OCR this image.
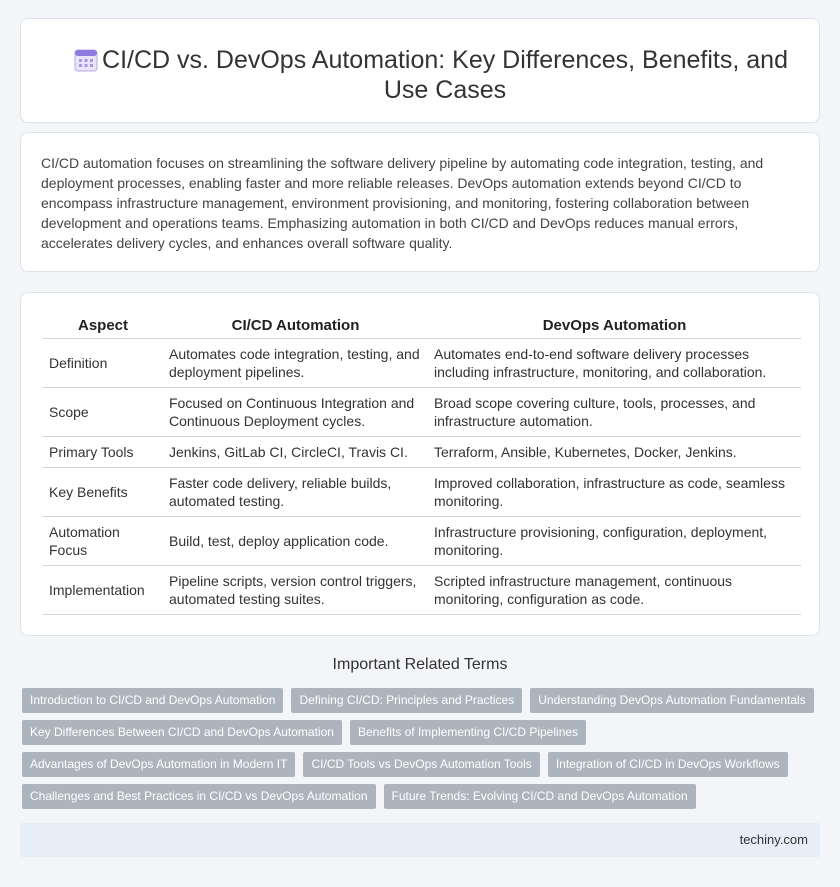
CI/CD vs. DevOps Automation: Key Differences, Benefits, and Use Cases

CI/CD automation focuses on streamlining the software delivery pipeline by automating code integration, testing, and deployment processes, enabling faster and more reliable releases. DevOps automation extends beyond CI/CD to encompass infrastructure management, environment provisioning, and monitoring, fostering collaboration between development and operations teams. Emphasizing automation in both CI/CD and DevOps reduces manual errors, accelerates delivery cycles, and enhances overall software quality.

Aspect	CI/CD Automation	DevOps Automation
Definition	Automates code integration, testing, and deployment pipelines.	Automates end-to-end software delivery processes including infrastructure, monitoring, and collaboration.
Scope	Focused on Continuous Integration and Continuous Deployment cycles.	Broad scope covering culture, tools, processes, and infrastructure automation.
Primary Tools	Jenkins, GitLab CI, CircleCI, Travis CI.	Terraform, Ansible, Kubernetes, Docker, Jenkins.
Key Benefits	Faster code delivery, reliable builds, automated testing.	Improved collaboration, infrastructure as code, seamless monitoring.
Automation Focus	Build, test, deploy application code.	Infrastructure provisioning, configuration, deployment, monitoring.
Implementation	Pipeline scripts, version control triggers, automated testing suites.	Scripted infrastructure management, continuous monitoring, configuration as code.
Important Related Terms
Introduction to CI/CD and DevOps Automation	Defining CI/CD: Principles and Practices	Understanding DevOps Automation Fundamentals
Key Differences Between CI/CD and DevOps Automation	Benefits of Implementing CI/CD Pipelines
Advantages of DevOps Automation in Modern IT	CI/CD Tools vs DevOps Automation Tools	Integration of CI/CD in DevOps Workflows
Challenges and Best Practices in CI/CD vs DevOps Automation	Future Trends: Evolving CI/CD and DevOps Automation
techiny.com
